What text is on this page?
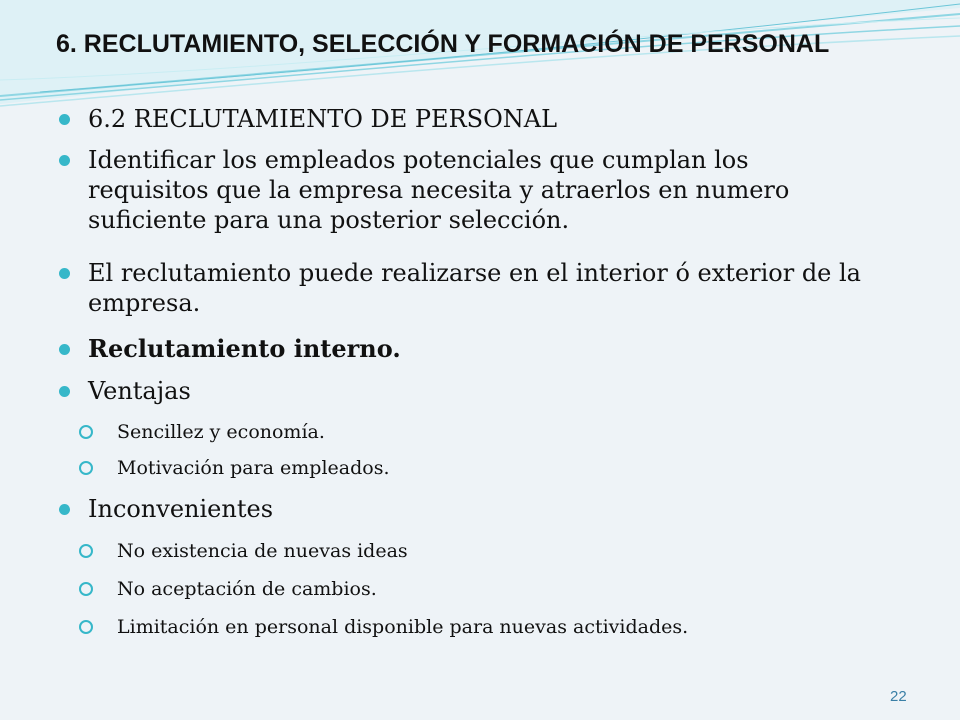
6. RECLUTAMIENTO, SELECCIÓN Y FORMACIÓN DE PERSONAL
6.2 RECLUTAMIENTO DE PERSONAL
Identificar los empleados potenciales que cumplan los requisitos que la empresa necesita y atraerlos en numero suficiente para una posterior selección.
El reclutamiento puede realizarse en el interior ó exterior de la empresa.
Reclutamiento interno.
Ventajas
Sencillez y economía.
Motivación para empleados.
Inconvenientes
No existencia de nuevas ideas
No aceptación de cambios.
Limitación en personal disponible para nuevas actividades.
22
